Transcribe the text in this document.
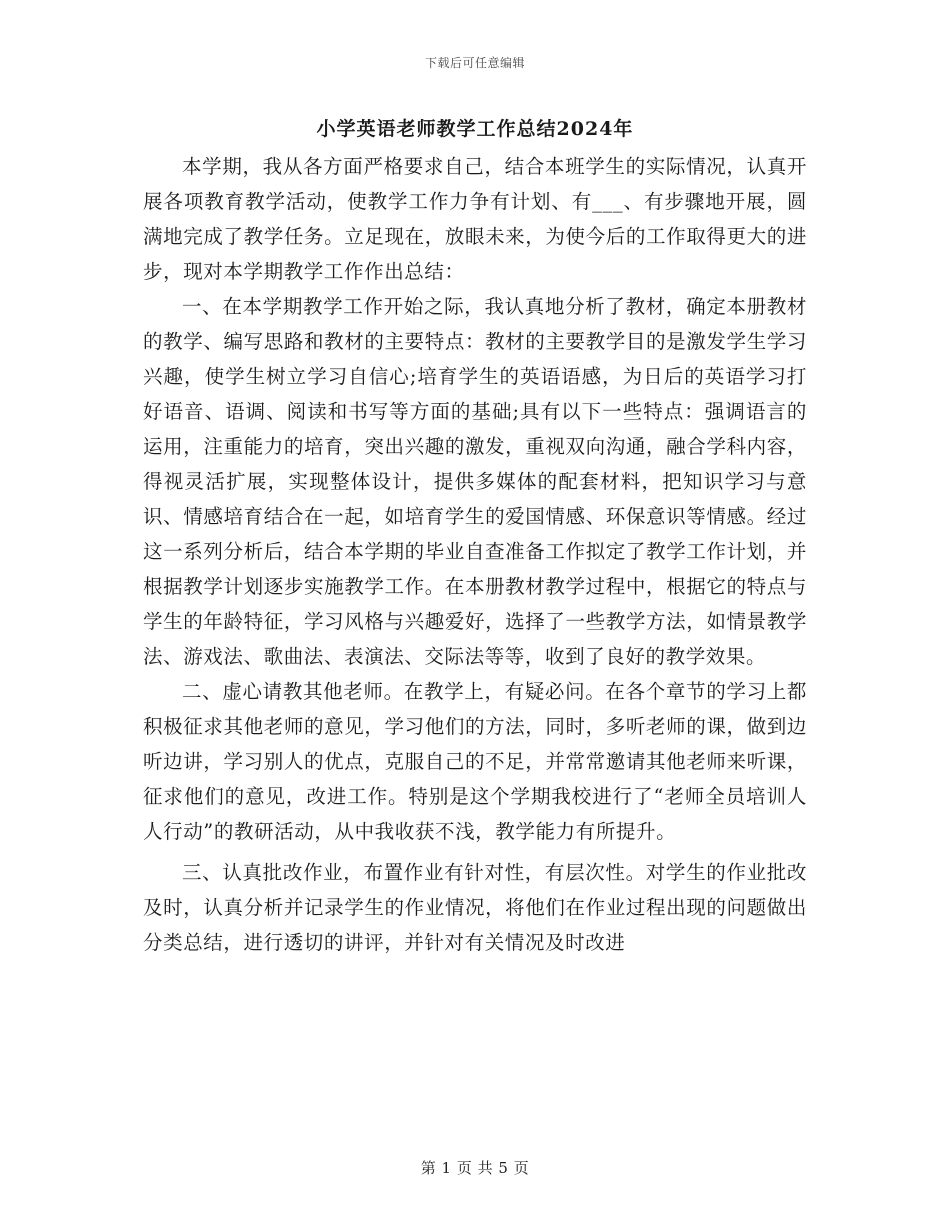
下载后可任意编辑
小学英语老师教学工作总结2024年

本学期，我从各方面严格要求自己，结合本班学生的实际情况，认真开展各项教育教学活动，使教学工作力争有计划、有___、有步骤地开展，圆满地完成了教学任务。立足现在，放眼未来，为使今后的工作取得更大的进步，现对本学期教学工作作出总结：

一、在本学期教学工作开始之际，我认真地分析了教材，确定本册教材的教学、编写思路和教材的主要特点：教材的主要教学目的是激发学生学习兴趣，使学生树立学习自信心;培育学生的英语语感，为日后的英语学习打好语音、语调、阅读和书写等方面的基础;具有以下一些特点：强调语言的运用，注重能力的培育，突出兴趣的激发，重视双向沟通，融合学科内容，得视灵活扩展，实现整体设计，提供多媒体的配套材料，把知识学习与意识、情感培育结合在一起，如培育学生的爱国情感、环保意识等情感。经过这一系列分析后，结合本学期的毕业自查准备工作拟定了教学工作计划，并根据教学计划逐步实施教学工作。在本册教材教学过程中，根据它的特点与学生的年龄特征，学习风格与兴趣爱好，选择了一些教学方法，如情景教学法、游戏法、歌曲法、表演法、交际法等等，收到了良好的教学效果。

二、虚心请教其他老师。在教学上，有疑必问。在各个章节的学习上都积极征求其他老师的意见，学习他们的方法，同时，多听老师的课，做到边听边讲，学习别人的优点，克服自己的不足，并常常邀请其他老师来听课，征求他们的意见，改进工作。特别是这个学期我校进行了“老师全员培训人人行动”的教研活动，从中我收获不浅，教学能力有所提升。

三、认真批改作业，布置作业有针对性，有层次性。对学生的作业批改及时，认真分析并记录学生的作业情况，将他们在作业过程出现的问题做出分类总结，进行透切的讲评，并针对有关情况及时改进

第 1 页 共 5 页
